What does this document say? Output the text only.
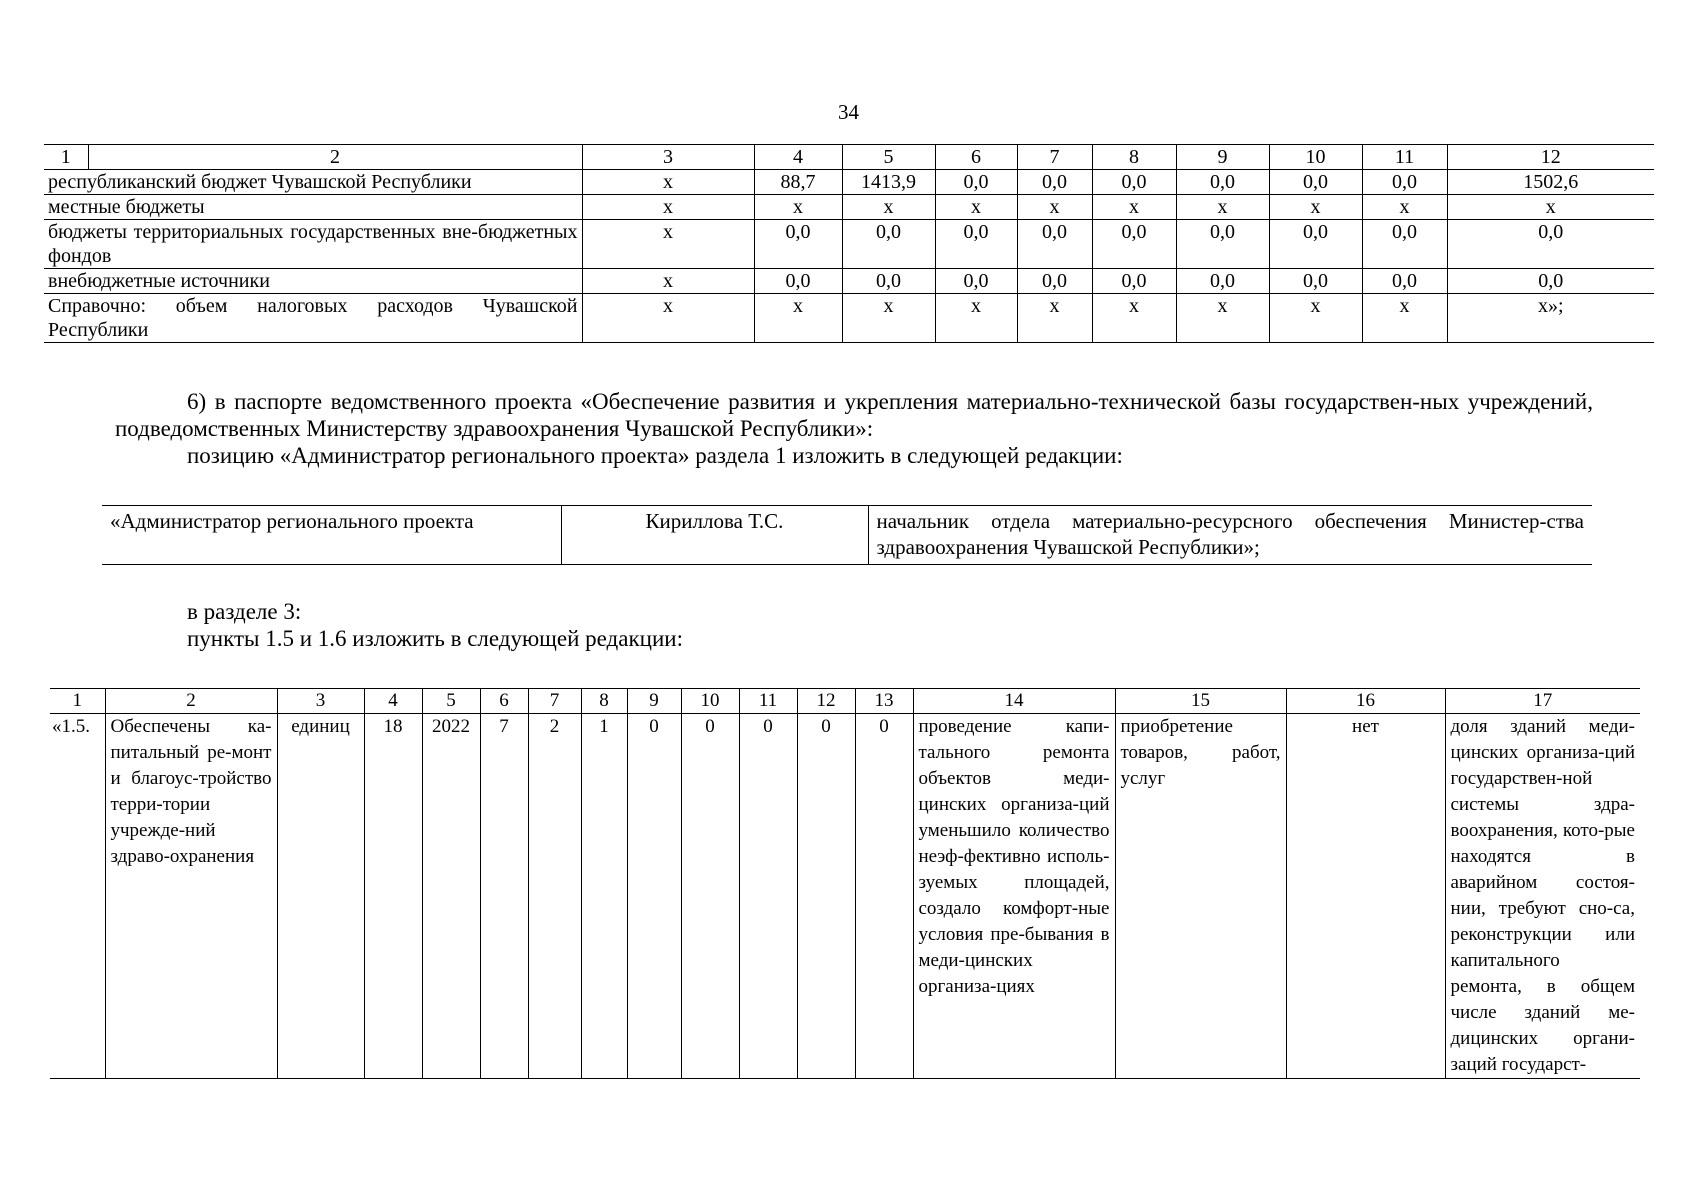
34
1	2	3	4	5	6	7	8	9	10	11	12
республиканский бюджет Чувашской Республики		x	88,7	1413,9	0,0	0,0	0,0	0,0	0,0	0,0	1502,6
местные бюджеты		x	x	x	x	x	x	x	x	x	x
бюджеты территориальных государственных вне-бюджетных фондов		x	0,0	0,0	0,0	0,0	0,0	0,0	0,0	0,0	0,0
внебюджетные источники		x	0,0	0,0	0,0	0,0	0,0	0,0	0,0	0,0	0,0
Справочно: объем налоговых расходов Чувашской Республики		x	x	x	x	x	x	x	x	x	x»;
6) в паспорте ведомственного проекта «Обеспечение развития и укрепления материально-технической базы государствен-ных учреждений, подведомственных Министерству здравоохранения Чувашской Республики»:
позицию «Администратор регионального проекта» раздела 1 изложить в следующей редакции:
«Администратор регионального проекта	Кириллова Т.С.	начальник отдела материально-ресурсного обеспечения Министер-ства здравоохранения Чувашской Республики»;
в разделе 3:
пункты 1.5 и 1.6 изложить в следующей редакции:
1	2	3	4	5	6	7	8	9	10	11	12	13	14	15	16	17
«1.5.	Обеспечены ка-питальный ре-монт и благоус-тройство терри-тории учрежде-ний здраво-охранения	единиц	18	2022	7	2	1	0	0	0	0	0	проведение капи-тального ремонта объектов меди-цинских организа-ций уменьшило количество неэф-фективно исполь-зуемых площадей, создало комфорт-ные условия пре-бывания в меди-цинских организа-циях	приобретение товаров, работ, услуг	нет	доля зданий меди-цинских организа-ций государствен-ной системы здра-воохранения, кото-рые находятся в аварийном состоя-нии, требуют сно-са, реконструкции или капитального ремонта, в общем числе зданий ме-дицинских органи-заций государст-
